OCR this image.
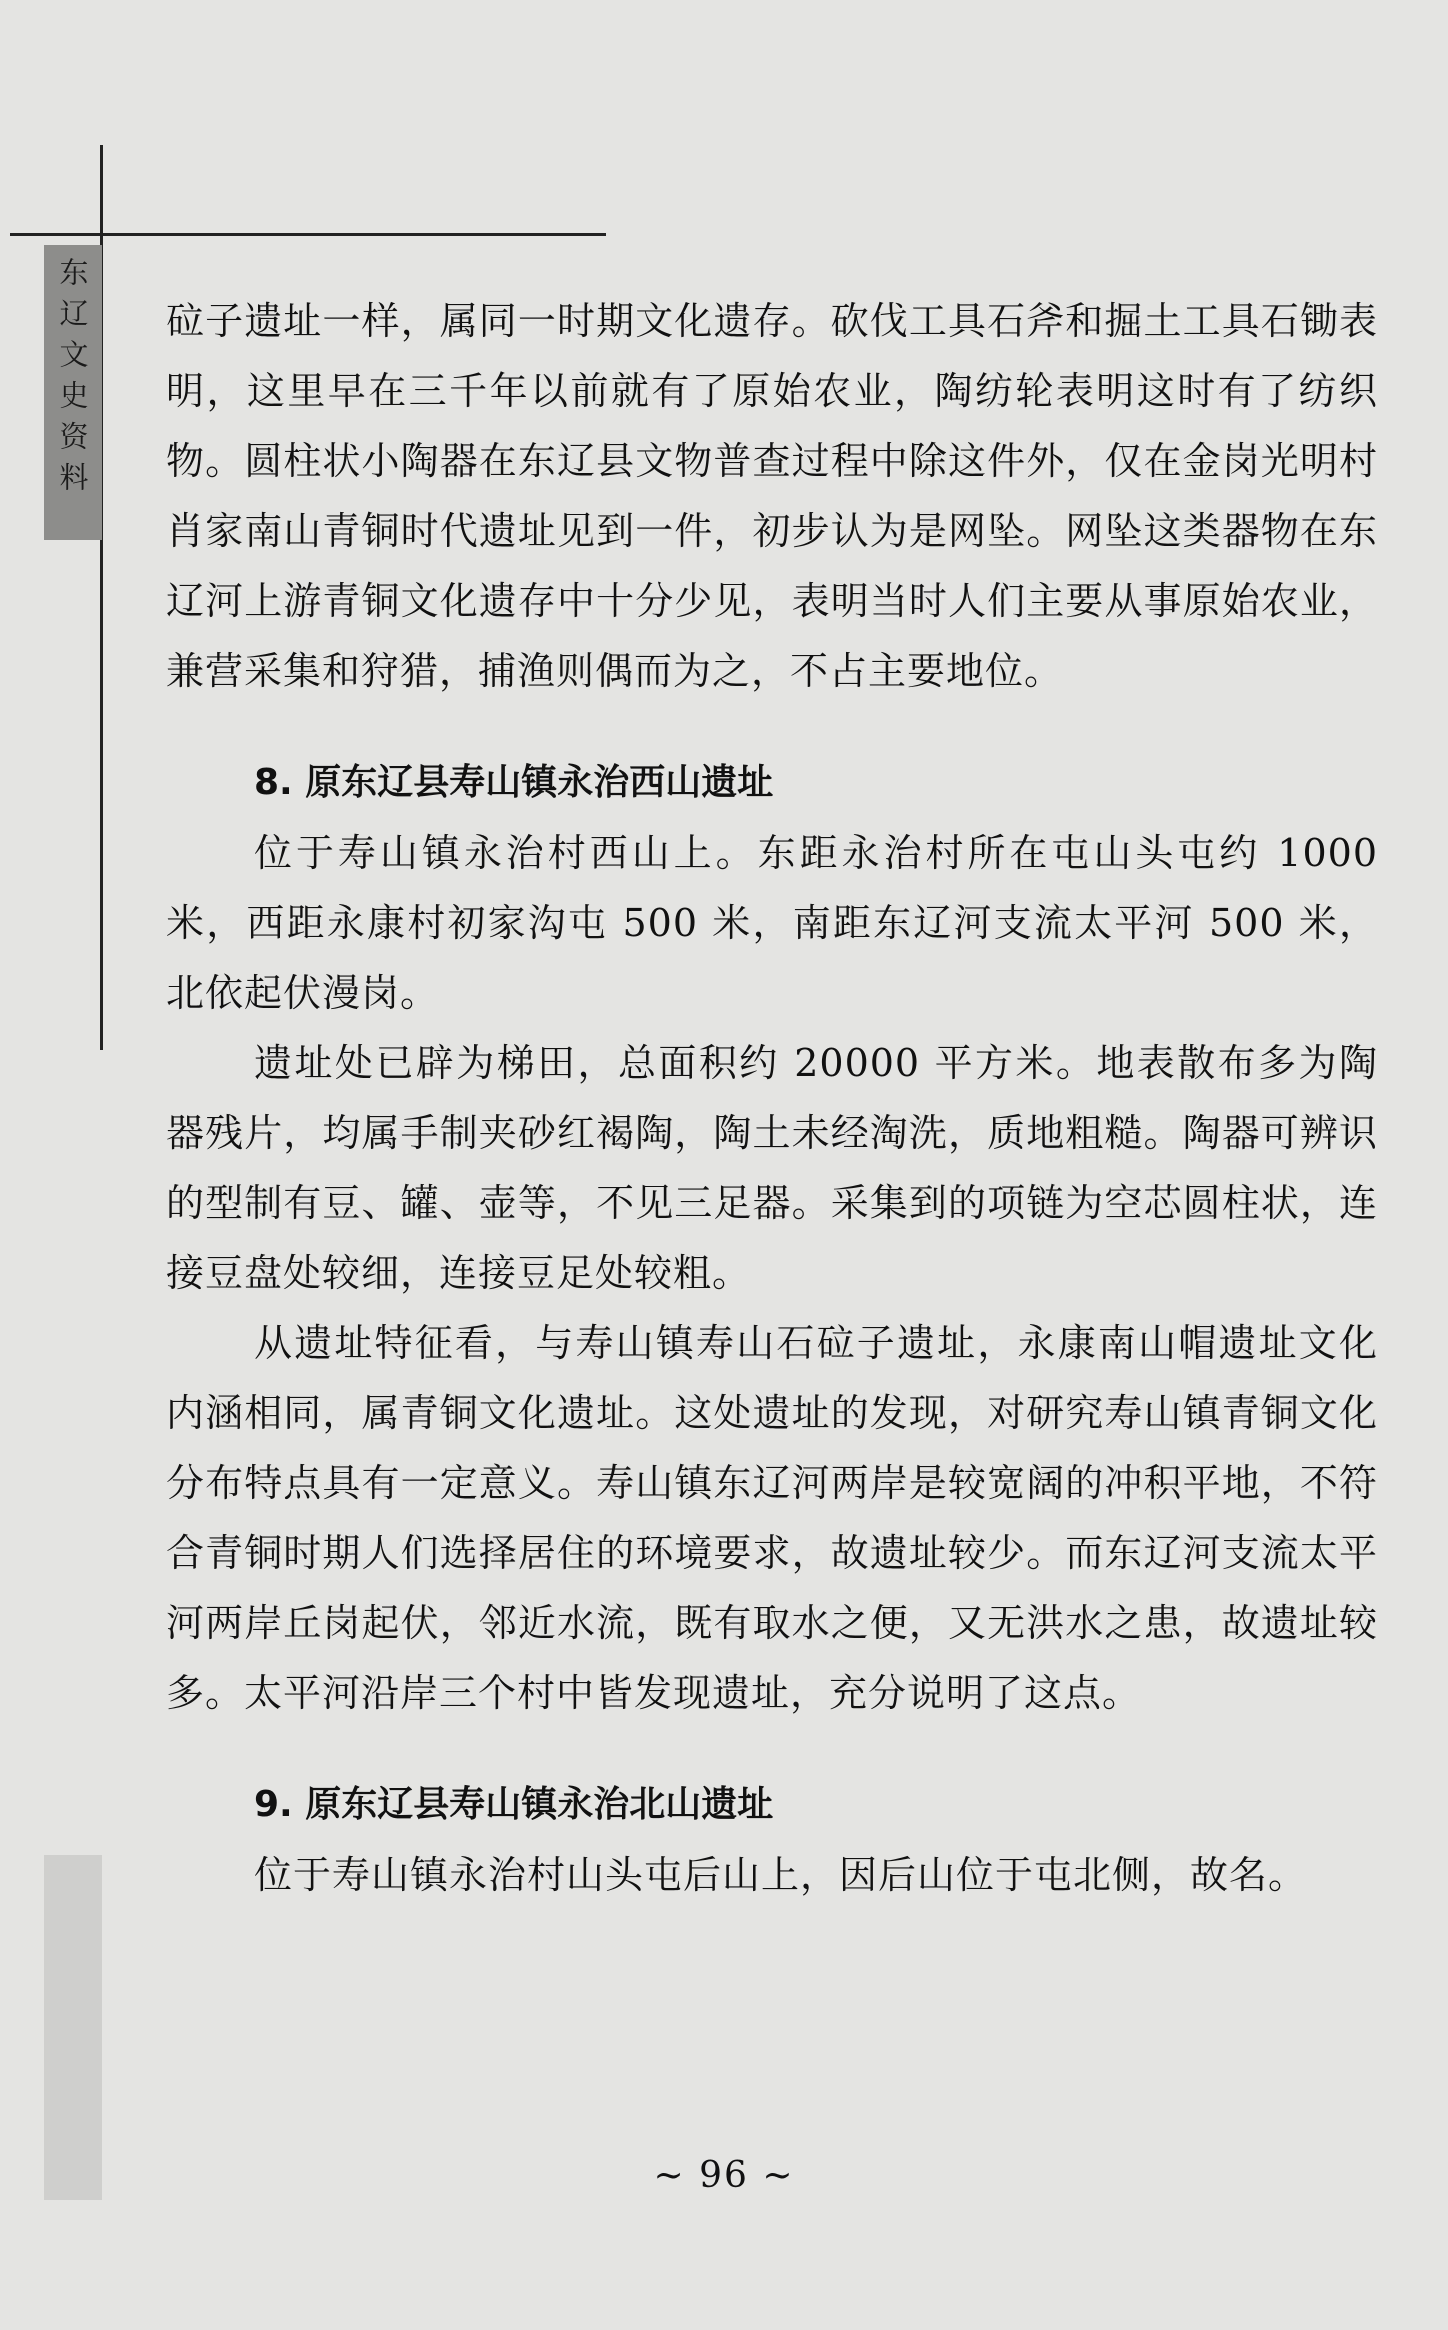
东辽文史资料 砬子遗址一样，属同一时期文化遗存。砍伐工具石斧和掘土工具石锄表明，这里早在三千年以前就有了原始农业，陶纺轮表明这时有了纺织物。圆柱状小陶器在东辽县文物普查过程中除这件外，仅在金岗光明村肖家南山青铜时代遗址见到一件，初步认为是网坠。网坠这类器物在东辽河上游青铜文化遗存中十分少见，表明当时人们主要从事原始农业，兼营采集和狩猎，捕渔则偶而为之，不占主要地位。

8. 原东辽县寿山镇永治西山遗址

位于寿山镇永治村西山上。东距永治村所在屯山头屯约 1000 米，西距永康村初家沟屯 500 米，南距东辽河支流太平河 500 米，北依起伏漫岗。

遗址处已辟为梯田，总面积约 20000 平方米。地表散布多为陶器残片，均属手制夹砂红褐陶，陶土未经淘洗，质地粗糙。陶器可辨识的型制有豆、罐、壶等，不见三足器。采集到的项链为空芯圆柱状，连接豆盘处较细，连接豆足处较粗。

从遗址特征看，与寿山镇寿山石砬子遗址，永康南山帽遗址文化内涵相同，属青铜文化遗址。这处遗址的发现，对研究寿山镇青铜文化分布特点具有一定意义。寿山镇东辽河两岸是较宽阔的冲积平地，不符合青铜时期人们选择居住的环境要求，故遗址较少。而东辽河支流太平河两岸丘岗起伏，邻近水流，既有取水之便，又无洪水之患，故遗址较多。太平河沿岸三个村中皆发现遗址，充分说明了这点。

9. 原东辽县寿山镇永治北山遗址

位于寿山镇永治村山头屯后山上，因后山位于屯北侧，故名。

~ 96 ~
